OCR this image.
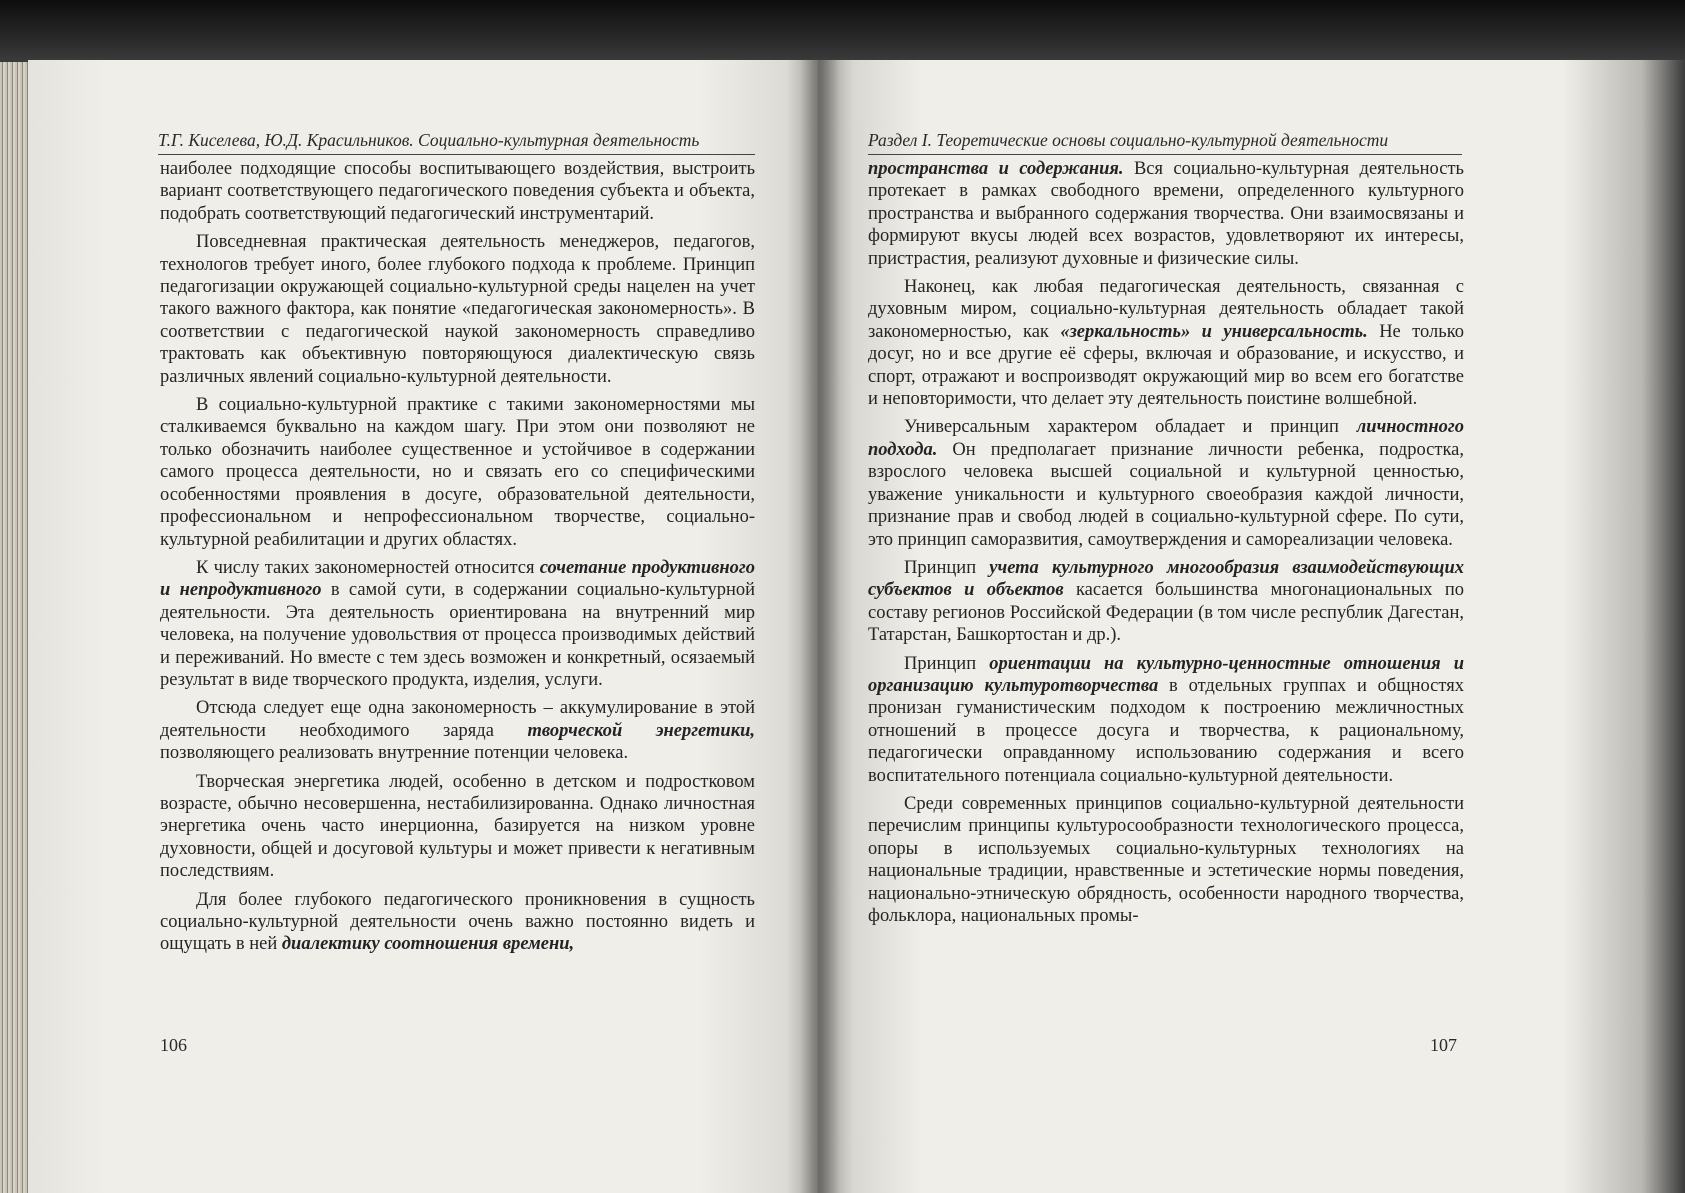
Т.Г. Киселева, Ю.Д. Красильников. Социально-культурная деятельность

наиболее подходящие способы воспитывающего воздействия, выстроить вариант соответствующего педагогического поведения субъекта и объекта, подобрать соответствующий педагогический инструментарий.

Повседневная практическая деятельность менеджеров, педагогов, технологов требует иного, более глубокого подхода к проблеме. Принцип педагогизации окружающей социально-культурной среды нацелен на учет такого важного фактора, как понятие «педагогическая закономерность». В соответствии с педагогической наукой закономерность справедливо трактовать как объективную повторяющуюся диалектическую связь различных явлений социально-культурной деятельности.

В социально-культурной практике с такими закономерностями мы сталкиваемся буквально на каждом шагу. При этом они позволяют не только обозначить наиболее существенное и устойчивое в содержании самого процесса деятельности, но и связать его со специфическими особенностями проявления в досуге, образовательной деятельности, профессиональном и непрофессиональном творчестве, социально-культурной реабилитации и других областях.

К числу таких закономерностей относится сочетание продуктивного и непродуктивного в самой сути, в содержании социально-культурной деятельности. Эта деятельность ориентирована на внутренний мир человека, на получение удовольствия от процесса производимых действий и переживаний. Но вместе с тем здесь возможен и конкретный, осязаемый результат в виде творческого продукта, изделия, услуги.

Отсюда следует еще одна закономерность – аккумулирование в этой деятельности необходимого заряда творческой энергетики, позволяющего реализовать внутренние потенции человека.

Творческая энергетика людей, особенно в детском и подростковом возрасте, обычно несовершенна, нестабилизированна. Однако личностная энергетика очень часто инерционна, базируется на низком уровне духовности, общей и досуговой культуры и может привести к негативным последствиям.

Для более глубокого педагогического проникновения в сущность социально-культурной деятельности очень важно постоянно видеть и ощущать в ней диалектику соотношения времени,

106
Раздел I. Теоретические основы социально-культурной деятельности

пространства и содержания. Вся социально-культурная деятельность протекает в рамках свободного времени, определенного культурного пространства и выбранного содержания творчества. Они взаимосвязаны и формируют вкусы людей всех возрастов, удовлетворяют их интересы, пристрастия, реализуют духовные и физические силы.

Наконец, как любая педагогическая деятельность, связанная с духовным миром, социально-культурная деятельность обладает такой закономерностью, как «зеркальность» и универсальность. Не только досуг, но и все другие её сферы, включая и образование, и искусство, и спорт, отражают и воспроизводят окружающий мир во всем его богатстве и неповторимости, что делает эту деятельность поистине волшебной.

Универсальным характером обладает и принцип личностного подхода. Он предполагает признание личности ребенка, подростка, взрослого человека высшей социальной и культурной ценностью, уважение уникальности и культурного своеобразия каждой личности, признание прав и свобод людей в социально-культурной сфере. По сути, это принцип саморазвития, самоутверждения и самореализации человека.

Принцип учета культурного многообразия взаимодействующих субъектов и объектов касается большинства многонациональных по составу регионов Российской Федерации (в том числе республик Дагестан, Татарстан, Башкортостан и др.).

Принцип ориентации на культурно-ценностные отношения и организацию культуротворчества в отдельных группах и общностях пронизан гуманистическим подходом к построению межличностных отношений в процессе досуга и творчества, к рациональному, педагогически оправданному использованию содержания и всего воспитательного потенциала социально-культурной деятельности.

Среди современных принципов социально-культурной деятельности перечислим принципы культуросообразности технологического процесса, опоры в используемых социально-культурных технологиях на национальные традиции, нравственные и эстетические нормы поведения, национально-этническую обрядность, особенности народного творчества, фольклора, национальных промы-

107
